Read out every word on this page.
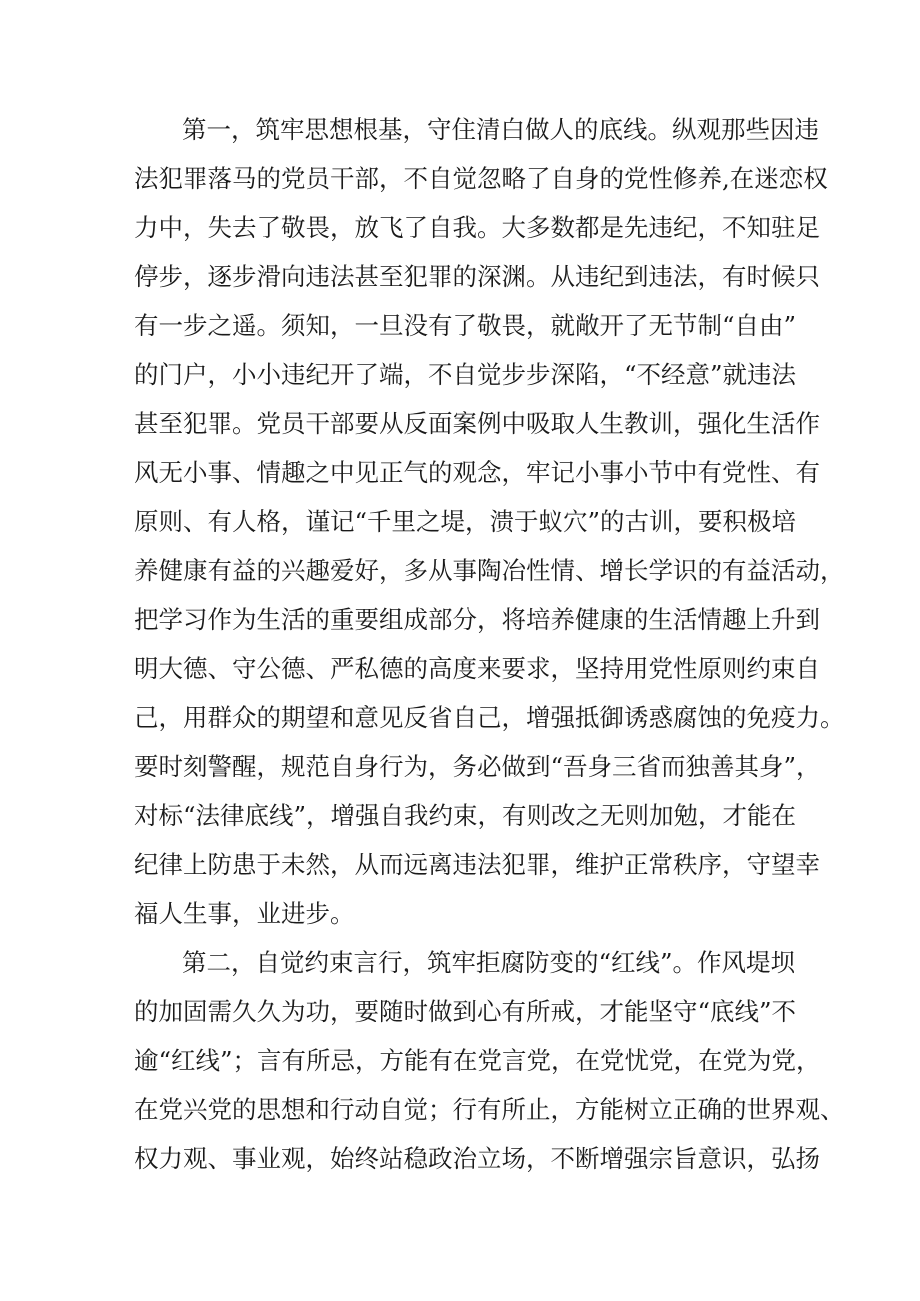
第一，筑牢思想根基，守住清白做人的底线。纵观那些因违

法犯罪落马的党员干部，不自觉忽略了自身的党性修养,在迷恋权

力中，失去了敬畏，放飞了自我。大多数都是先违纪，不知驻足

停步，逐步滑向违法甚至犯罪的深渊。从违纪到违法，有时候只

有一步之遥。须知，一旦没有了敬畏，就敞开了无节制“自由”

的门户，小小违纪开了端，不自觉步步深陷，“不经意”就违法

甚至犯罪。党员干部要从反面案例中吸取人生教训，强化生活作

风无小事、情趣之中见正气的观念，牢记小事小节中有党性、有

原则、有人格，谨记“千里之堤，溃于蚁穴”的古训，要积极培

养健康有益的兴趣爱好，多从事陶冶性情、增长学识的有益活动，

把学习作为生活的重要组成部分，将培养健康的生活情趣上升到

明大德、守公德、严私德的高度来要求，坚持用党性原则约束自

己，用群众的期望和意见反省自己，增强抵御诱惑腐蚀的免疫力。

要时刻警醒，规范自身行为，务必做到“吾身三省而独善其身”，

对标“法律底线”，增强自我约束，有则改之无则加勉，才能在

纪律上防患于未然，从而远离违法犯罪，维护正常秩序，守望幸

福人生事，业进步。

第二，自觉约束言行，筑牢拒腐防变的“红线”。作风堤坝

的加固需久久为功，要随时做到心有所戒，才能坚守“底线”不

逾“红线”；言有所忌，方能有在党言党，在党忧党，在党为党，

在党兴党的思想和行动自觉；行有所止，方能树立正确的世界观、

权力观、事业观，始终站稳政治立场，不断增强宗旨意识，弘扬
